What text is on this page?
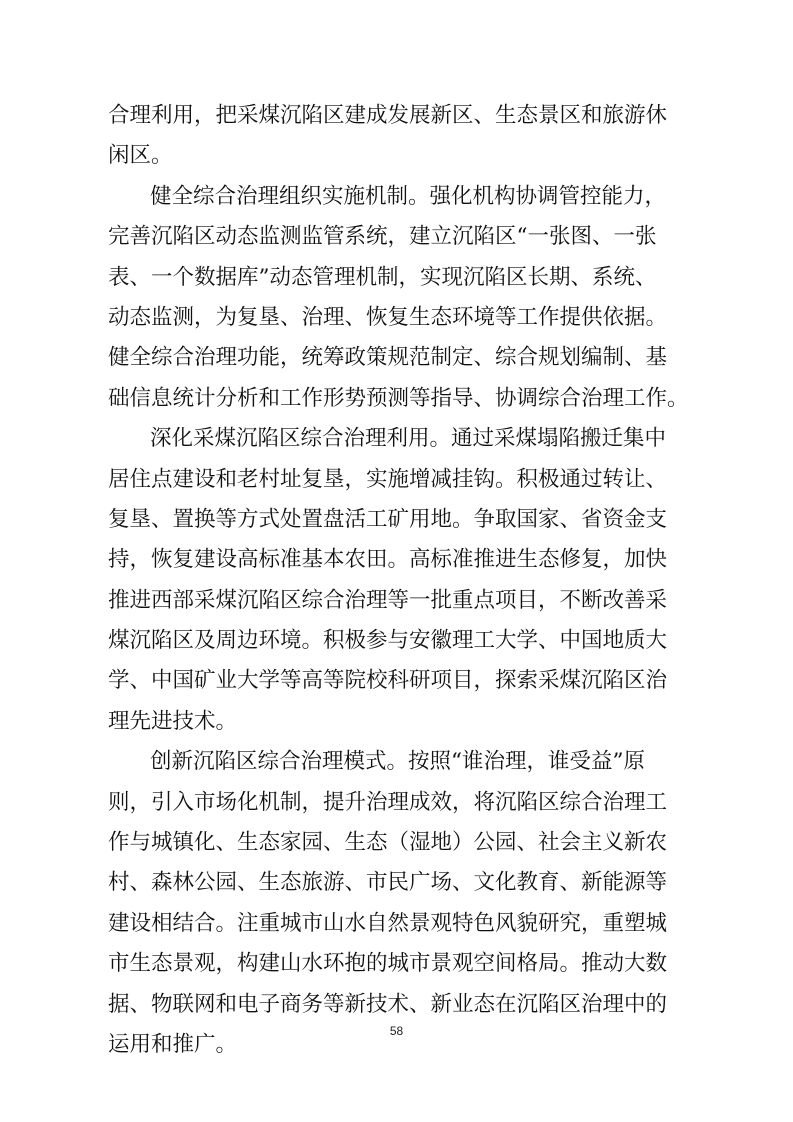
合理利用，把采煤沉陷区建成发展新区、生态景区和旅游休
闲区。
健全综合治理组织实施机制。强化机构协调管控能力，
完善沉陷区动态监测监管系统，建立沉陷区“一张图、一张
表、一个数据库”动态管理机制，实现沉陷区长期、系统、
动态监测，为复垦、治理、恢复生态环境等工作提供依据。
健全综合治理功能，统筹政策规范制定、综合规划编制、基
础信息统计分析和工作形势预测等指导、协调综合治理工作。
深化采煤沉陷区综合治理利用。通过采煤塌陷搬迁集中
居住点建设和老村址复垦，实施增减挂钩。积极通过转让、
复垦、置换等方式处置盘活工矿用地。争取国家、省资金支
持，恢复建设高标准基本农田。高标准推进生态修复，加快
推进西部采煤沉陷区综合治理等一批重点项目，不断改善采
煤沉陷区及周边环境。积极参与安徽理工大学、中国地质大
学、中国矿业大学等高等院校科研项目，探索采煤沉陷区治
理先进技术。
创新沉陷区综合治理模式。按照“谁治理，谁受益”原
则，引入市场化机制，提升治理成效，将沉陷区综合治理工
作与城镇化、生态家园、生态（湿地）公园、社会主义新农
村、森林公园、生态旅游、市民广场、文化教育、新能源等
建设相结合。注重城市山水自然景观特色风貌研究，重塑城
市生态景观，构建山水环抱的城市景观空间格局。推动大数
据、物联网和电子商务等新技术、新业态在沉陷区治理中的
运用和推广。
58
